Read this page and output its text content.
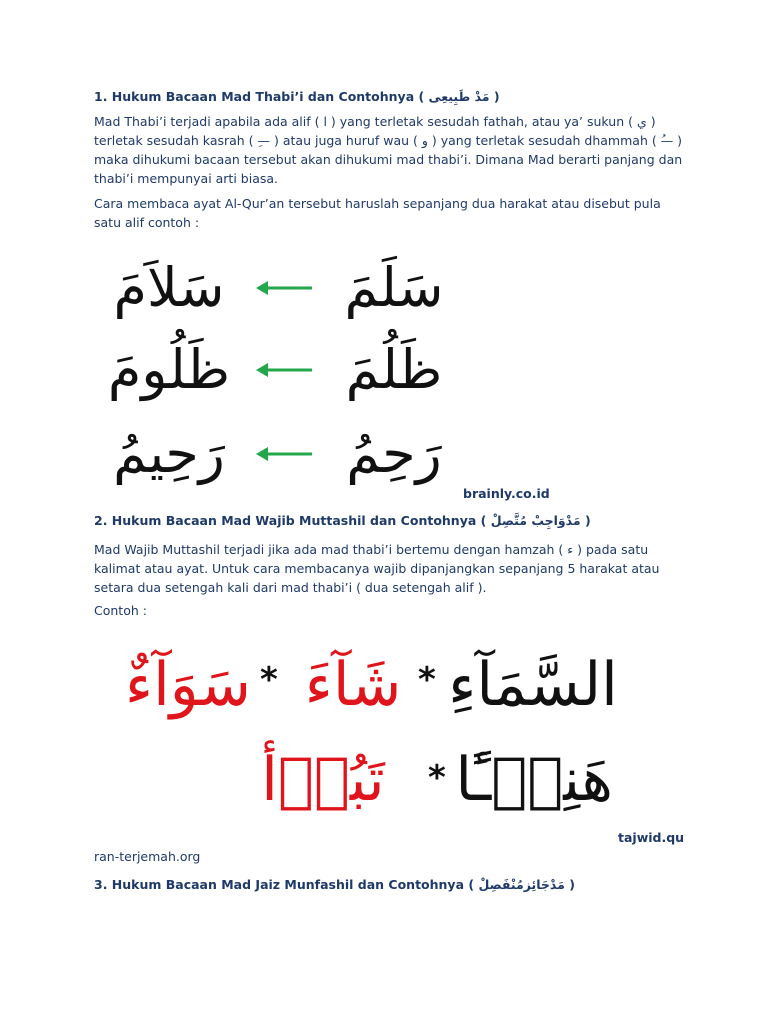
1. Hukum Bacaan Mad Thabi’i dan Contohnya ( مَدْ طَبِيعِى )
Mad Thabi’i terjadi apabila ada alif ( ا ) yang terletak sesudah fathah, atau ya’ sukun ( ي ) terletak sesudah kasrah ( —ِ ) atau juga huruf wau ( و ) yang terletak sesudah dhammah ( —ُ ) maka dihukumi bacaan tersebut akan dihukumi mad thabi’i. Dimana Mad berarti panjang dan thabi’i mempunyai arti biasa.
Cara membaca ayat Al-Qur’an tersebut haruslah sepanjang dua harakat atau disebut pula satu alif contoh :
سَلاَمَ	سَلَمَ
ظَلُومَ	ظَلُمَ
رَحِيمُ	رَحِمُ
brainly.co.id
2. Hukum Bacaan Mad Wajib Muttashil dan Contohnya ( مَدْوَاجِبْ مُتَّصِلْ )
Mad Wajib Muttashil terjadi jika ada mad thabi’i bertemu dengan hamzah ( ء ) pada satu kalimat atau ayat. Untuk cara membacanya wajib dipanjangkan sepanjang 5 harakat atau setara dua setengah kali dari mad thabi’i ( dua setengah alif ).
Contoh :
سَوَآءٌ * شَآءَ * السَّمَآءِ
تَبُوۤأ	* هَنِيۤـًٔا
tajwid.qu
ran-terjemah.org
3. Hukum Bacaan Mad Jaiz Munfashil dan Contohnya ( مَدْجَائِزمُنْفَصِلْ )
